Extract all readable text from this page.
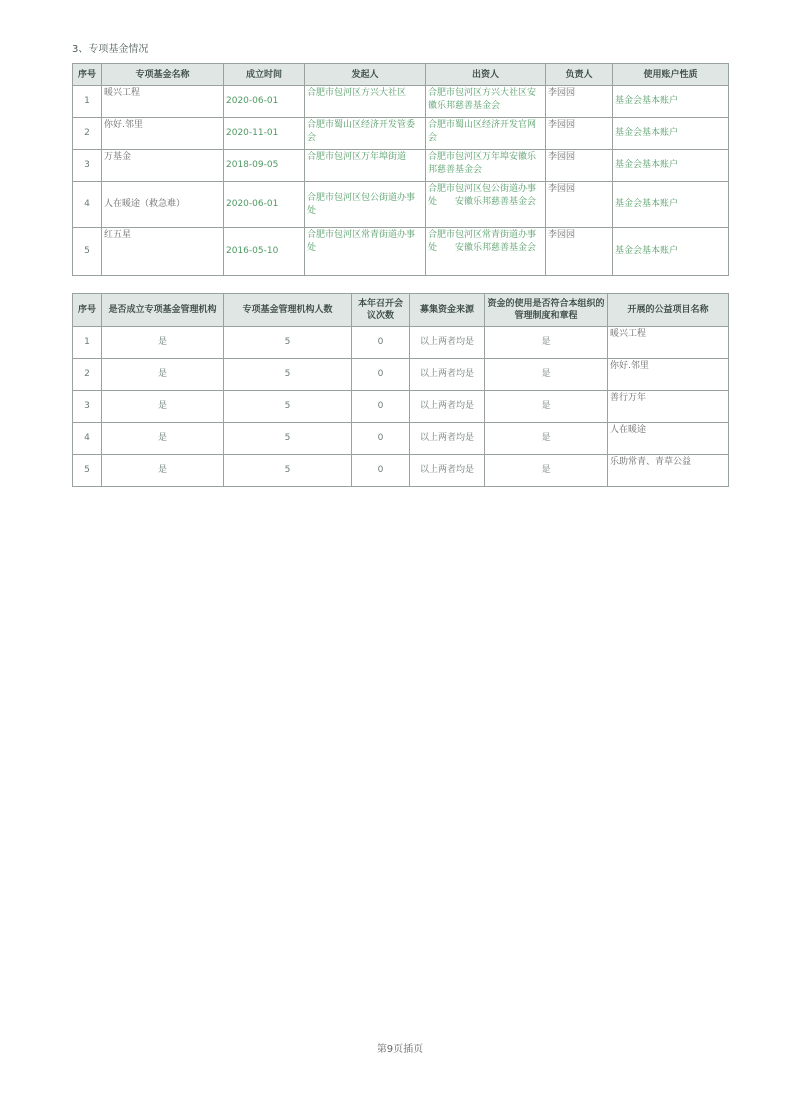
3、专项基金情况
序号	专项基金名称	成立时间	发起人	出资人	负责人	使用账户性质
1	暖兴工程	2020-06-01	合肥市包河区方兴大社区	合肥市包河区方兴大社区安徽乐邦慈善基金会	李园园	基金会基本账户
2	你好.邻里	2020-11-01	合肥市蜀山区经济开发管委会	合肥市蜀山区经济开发官网会	李园园	基金会基本账户
3	万基金	2018-09-05	合肥市包河区万年埠街道	合肥市包河区万年埠安徽乐邦慈善基金会	李园园	基金会基本账户
4	人在暖途（救急难）	2020-06-01	合肥市包河区包公街道办事处	合肥市包河区包公街道办事处　　安徽乐邦慈善基金会	李园园	基金会基本账户
5	红五星	2016-05-10	合肥市包河区常青街道办事处	合肥市包河区常青街道办事处　　安徽乐邦慈善基金会	李园园	基金会基本账户
序号	是否成立专项基金管理机构	专项基金管理机构人数	本年召开会议次数	募集资金来源	资金的使用是否符合本组织的管理制度和章程	开展的公益项目名称
1	是	5	0	以上两者均是	是	暖兴工程
2	是	5	0	以上两者均是	是	你好.邻里
3	是	5	0	以上两者均是	是	善行万年
4	是	5	0	以上两者均是	是	人在暖途
5	是	5	0	以上两者均是	是	乐助常青、青草公益
第9页插页
